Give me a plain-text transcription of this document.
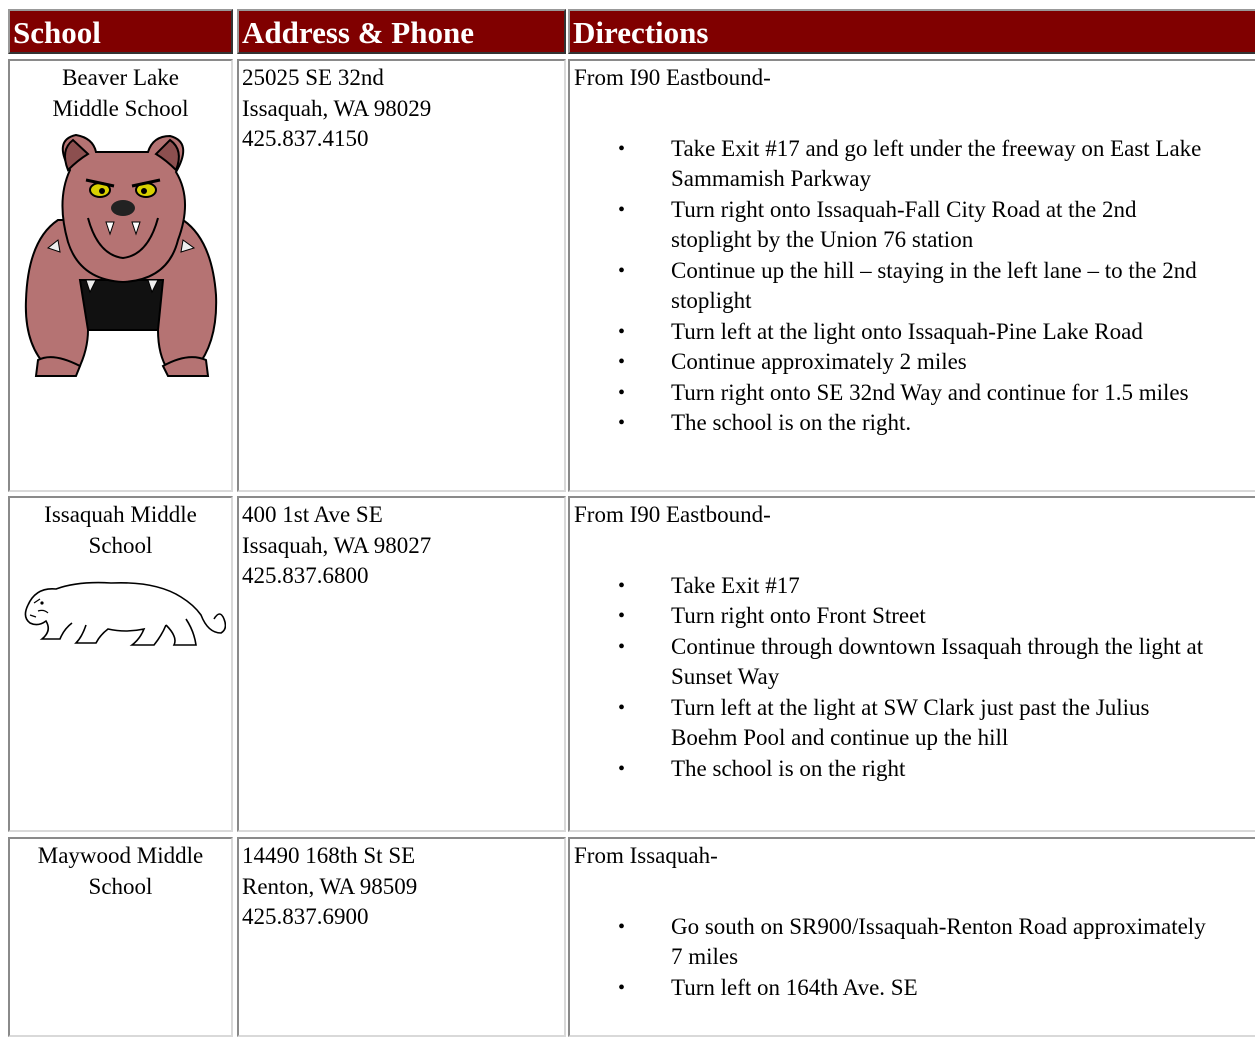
School	Address & Phone	Directions
Beaver Lake Middle School
25025 SE 32nd
Issaquah, WA 98029
425.837.4150
From I90 Eastbound-
• Take Exit #17 and go left under the freeway on East Lake
Sammamish Parkway
• Turn right onto Issaquah-Fall City Road at the 2nd
stoplight by the Union 76 station
• Continue up the hill – staying in the left lane – to the 2nd
stoplight
• Turn left at the light onto Issaquah-Pine Lake Road
• Continue approximately 2 miles
• Turn right onto SE 32nd Way and continue for 1.5 miles
• The school is on the right.
Issaquah Middle School
400 1st Ave SE
Issaquah, WA 98027
425.837.6800
From I90 Eastbound-
• Take Exit #17
• Turn right onto Front Street
• Continue through downtown Issaquah through the light at
Sunset Way
• Turn left at the light at SW Clark just past the Julius
Boehm Pool and continue up the hill
• The school is on the right
Maywood Middle School
14490 168th St SE
Renton, WA 98509
425.837.6900
From Issaquah-
• Go south on SR900/Issaquah-Renton Road approximately
7 miles
• Turn left on 164th Ave. SE
